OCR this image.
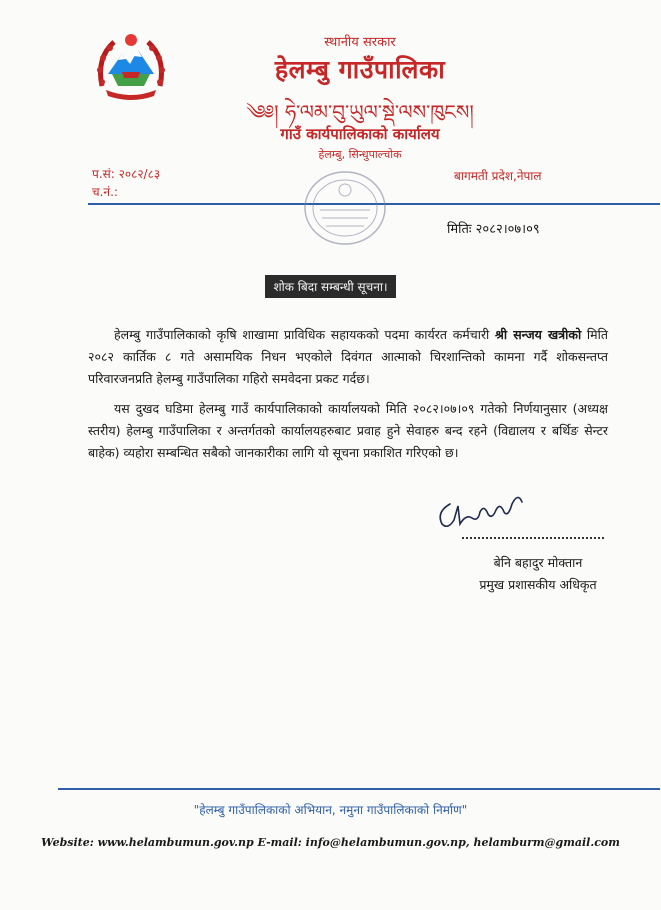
स्थानीय सरकार
हेलम्बु गाउँपालिका
༄༅། ཧེ་ལམ་བུ་ཡུལ་སྡེ་ལས་ཁུངས།
गाउँ कार्यपालिकाको कार्यालय
हेलम्बु, सिन्धुपाल्चोक
प.सं: २०८२/८३
च.नं.:
बागमती प्रदेश,नेपाल
मितिः २०८२।०७।०९
शोक बिदा सम्बन्धी सूचना।
हेलम्बु गाउँपालिकाको कृषि शाखामा प्राविधिक सहायकको पदमा कार्यरत कर्मचारी श्री सन्जय खत्रीको मिति २०८२ कार्तिक ८ गते असामयिक निधन भएकोले दिवंगत आत्माको चिरशान्तिको कामना गर्दै शोकसन्तप्त परिवारजनप्रति हेलम्बु गाउँपालिका गहिरो समवेदना प्रकट गर्दछ।
यस दुखद घडिमा हेलम्बु गाउँ कार्यपालिकाको कार्यालयको मिति २०८२।०७।०९ गतेको निर्णयानुसार (अध्यक्ष स्तरीय) हेलम्बु गाउँपालिका र अन्तर्गतको कार्यालयहरुबाट प्रवाह हुने सेवाहरु बन्द रहने (विद्यालय र बर्थिङ सेन्टर बाहेक) व्यहोरा सम्बन्धित सबैको जानकारीका लागि यो सूचना प्रकाशित गरिएको छ।
बेनि बहादुर मोक्तान
प्रमुख प्रशासकीय अधिकृत
"हेलम्बु गाउँपालिकाको अभियान, नमुना गाउँपालिकाको निर्माण"
Website: www.helambumun.gov.np E-mail: info@helambumun.gov.np, helamburm@gmail.com
